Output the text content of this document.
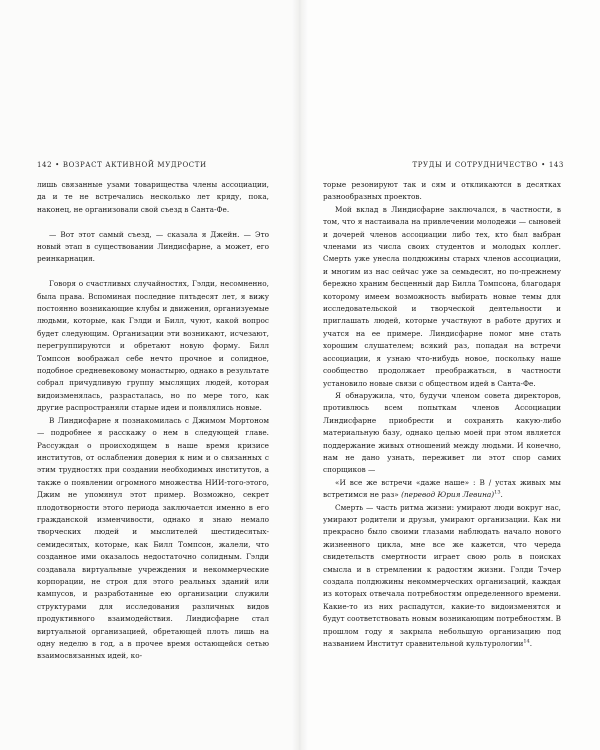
142 • ВОЗРАСТ АКТИВНОЙ МУДРОСТИ

лишь связанные узами товарищества члены ассоциации, да и те не встречались несколько лет кряду, пока, наконец, не организовали свой съезд в Санта-Фе.

— Вот этот самый съезд, — сказала я Джейн. — Это новый этап в существовании Линдисфарне, а может, его реинкарнация.

Говоря о счастливых случайностях, Гэлди, несомненно, была права. Вспоминая последние пятьдесят лет, я вижу постоянно возникающие клубы и движения, организуемые людьми, которые, как Гэлди и Билл, чуют, какой вопрос будет следующим. Организации эти возникают, исчезают, перегруппируются и обретают новую форму. Билл Томпсон воображал себе нечто прочное и солидное, подобное средневековому монастырю, однако в результате собрал причудливую группу мыслящих людей, которая видоизменялась, разрасталась, но по мере того, как другие распространяли старые идеи и появлялись новые.

В Линдисфарне я познакомилась с Джимом Мортоном — подробнее я расскажу о нем в следующей главе. Рассуждая о происходящем в наше время кризисе институтов, от ослабления доверия к ним и о связанных с этим трудностях при создании необходимых институтов, а также о появлении огромного множества НИИ-того-этого, Джим не упомянул этот пример. Возможно, секрет плодотворности этого периода заключается именно в его гражданской изменчивости, однако я знаю немало творческих людей и мыслителей шестидесятых-семидесятых, которые, как Билл Томпсон, жалели, что созданное ими оказалось недостаточно солидным. Гэлди создавала виртуальные учреждения и некоммерческие корпорации, не строя для этого реальных зданий или кампусов, и разработанные ею организации служили структурами для исследования различных видов продуктивного взаимодействия. Линдисфарне стал виртуальной организацией, обретающей плоть лишь на одну неделю в год, а в прочее время остающейся сетью взаимосвязанных идей, ко-

ТРУДЫ И СОТРУДНИЧЕСТВО • 143

торые резонируют так и сям и откликаются в десятках разнообразных проектов.

Мой вклад в Линдисфарне заключался, в частности, в том, что я настаивала на привлечении молодежи — сыновей и дочерей членов ассоциации либо тех, кто был выбран членами из числа своих студентов и молодых коллег. Смерть уже унесла полдюжины старых членов ассоциации, и многим из нас сейчас уже за семьдесят, но по-прежнему бережно храним бесценный дар Билла Томпсона, благодаря которому имеем возможность выбирать новые темы для исследовательской и творческой деятельности и приглашать людей, которые участвуют в работе других и учатся на ее примере. Линдисфарне помог мне стать хорошим слушателем; всякий раз, попадая на встречи ассоциации, я узнаю что-нибудь новое, поскольку наше сообщество продолжает преображаться, в частности установило новые связи с обществом идей в Санта-Фе.

Я обнаружила, что, будучи членом совета директоров, противлюсь всем попыткам членов Ассоциации Линдисфарне приобрести и сохранять какую-либо материальную базу, однако целью моей при этом является поддержание живых отношений между людьми. И конечно, нам не дано узнать, переживет ли этот спор самих спорщиков —

«И все же встречи «даже наше» : В / устах живых мы встретимся не раз» (перевод Юрия Левина)$^{13}$.

Смерть — часть ритма жизни: умирают люди вокруг нас, умирают родители и друзья, умирают организации. Как ни прекрасно было своими глазами наблюдать начало нового жизненного цикла, мне все же кажется, что череда свидетельств смертности играет свою роль в поисках смысла и в стремлении к радостям жизни. Гэлди Тэчер создала полдюжины некоммерческих организаций, каждая из которых отвечала потребностям определенного времени. Какие-то из них распадутся, какие-то видоизменятся и будут соответствовать новым возникающим потребностям. В прошлом году я закрыла небольшую организацию под названием Институт сравнительной культурологии$^{14}$.
